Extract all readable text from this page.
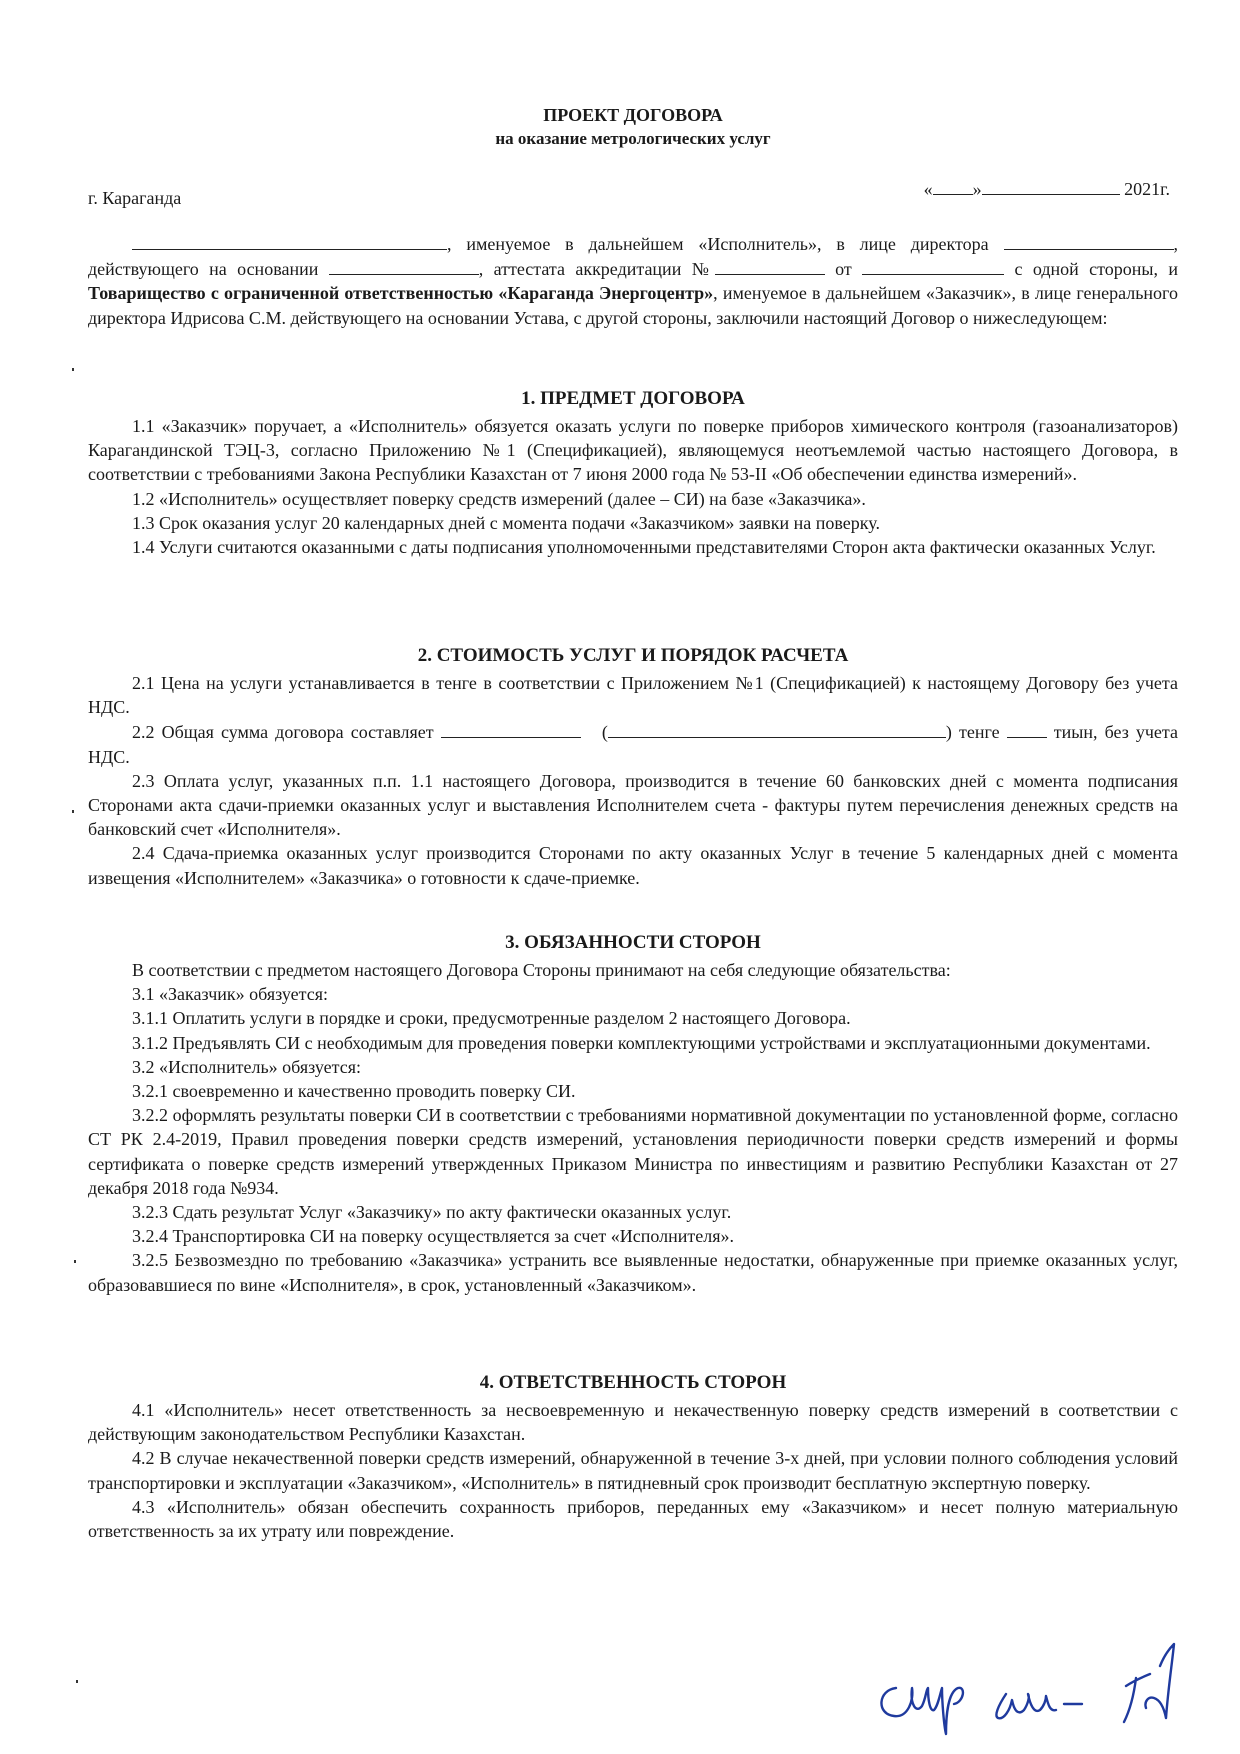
ПРОЕКТ ДОГОВОРА
на оказание метрологических услуг
г. Караганда	« »	2021г.

, именуемое в дальнейшем «Исполнитель», в лице директора	, действующего на основании	, аттестата аккредитации №	от	с одной стороны, и Товарищество с ограниченной ответственностью «Караганда Энергоцентр», именуемое в дальнейшем «Заказчик», в лице генерального директора Идрисова С.М. действующего на основании Устава, с другой стороны, заключили настоящий Договор о нижеследующем:

1. ПРЕДМЕТ ДОГОВОРА

1.1 «Заказчик» поручает, а «Исполнитель» обязуется оказать услуги по поверке приборов химического контроля (газоанализаторов) Карагандинской ТЭЦ-3, согласно Приложению №1 (Спецификацией), являющемуся неотъемлемой частью настоящего Договора, в соответствии с требованиями Закона Республики Казахстан от 7 июня 2000 года № 53-II «Об обеспечении единства измерений».

1.2 «Исполнитель» осуществляет поверку средств измерений (далее – СИ) на базе «Заказчика».

1.3 Срок оказания услуг 20 календарных дней с момента подачи «Заказчиком» заявки на поверку.

1.4 Услуги считаются оказанными с даты подписания уполномоченными представителями Сторон акта фактически оказанных Услуг.

2. СТОИМОСТЬ УСЛУГ И ПОРЯДОК РАСЧЕТА

2.1 Цена на услуги устанавливается в тенге в соответствии с Приложением №1 (Спецификацией) к настоящему Договору без учета НДС.

2.2 Общая сумма договора составляет	(	) тенге	тиын, без учета НДС.

2.3 Оплата услуг, указанных п.п. 1.1 настоящего Договора, производится в течение 60 банковских дней с момента подписания Сторонами акта сдачи-приемки оказанных услуг и выставления Исполнителем счета - фактуры путем перечисления денежных средств на банковский счет «Исполнителя».

2.4 Сдача-приемка оказанных услуг производится Сторонами по акту оказанных Услуг в течение 5 календарных дней с момента извещения «Исполнителем» «Заказчика» о готовности к сдаче-приемке.

3. ОБЯЗАННОСТИ СТОРОН

В соответствии с предметом настоящего Договора Стороны принимают на себя следующие обязательства:

3.1 «Заказчик» обязуется:

3.1.1 Оплатить услуги в порядке и сроки, предусмотренные разделом 2 настоящего Договора.

3.1.2 Предъявлять СИ с необходимым для проведения поверки комплектующими устройствами и эксплуатационными документами.

3.2 «Исполнитель» обязуется:

3.2.1 своевременно и качественно проводить поверку СИ.

3.2.2 оформлять результаты поверки СИ в соответствии с требованиями нормативной документации по установленной форме, согласно СТ РК 2.4-2019, Правил проведения поверки средств измерений, установления периодичности поверки средств измерений и формы сертификата о поверке средств измерений утвержденных Приказом Министра по инвестициям и развитию Республики Казахстан от 27 декабря 2018 года №934.

3.2.3 Сдать результат Услуг «Заказчику» по акту фактически оказанных услуг.

3.2.4 Транспортировка СИ на поверку осуществляется за счет «Исполнителя».

3.2.5 Безвозмездно по требованию «Заказчика» устранить все выявленные недостатки, обнаруженные при приемке оказанных услуг, образовавшиеся по вине «Исполнителя», в срок, установленный «Заказчиком».

4. ОТВЕТСТВЕННОСТЬ СТОРОН

4.1 «Исполнитель» несет ответственность за несвоевременную и некачественную поверку средств измерений в соответствии с действующим законодательством Республики Казахстан.

4.2 В случае некачественной поверки средств измерений, обнаруженной в течение 3-х дней, при условии полного соблюдения условий транспортировки и эксплуатации «Заказчиком», «Исполнитель» в пятидневный срок производит бесплатную экспертную поверку.

4.3 «Исполнитель» обязан обеспечить сохранность приборов, переданных ему «Заказчиком» и несет полную материальную ответственность за их утрату или повреждение.
